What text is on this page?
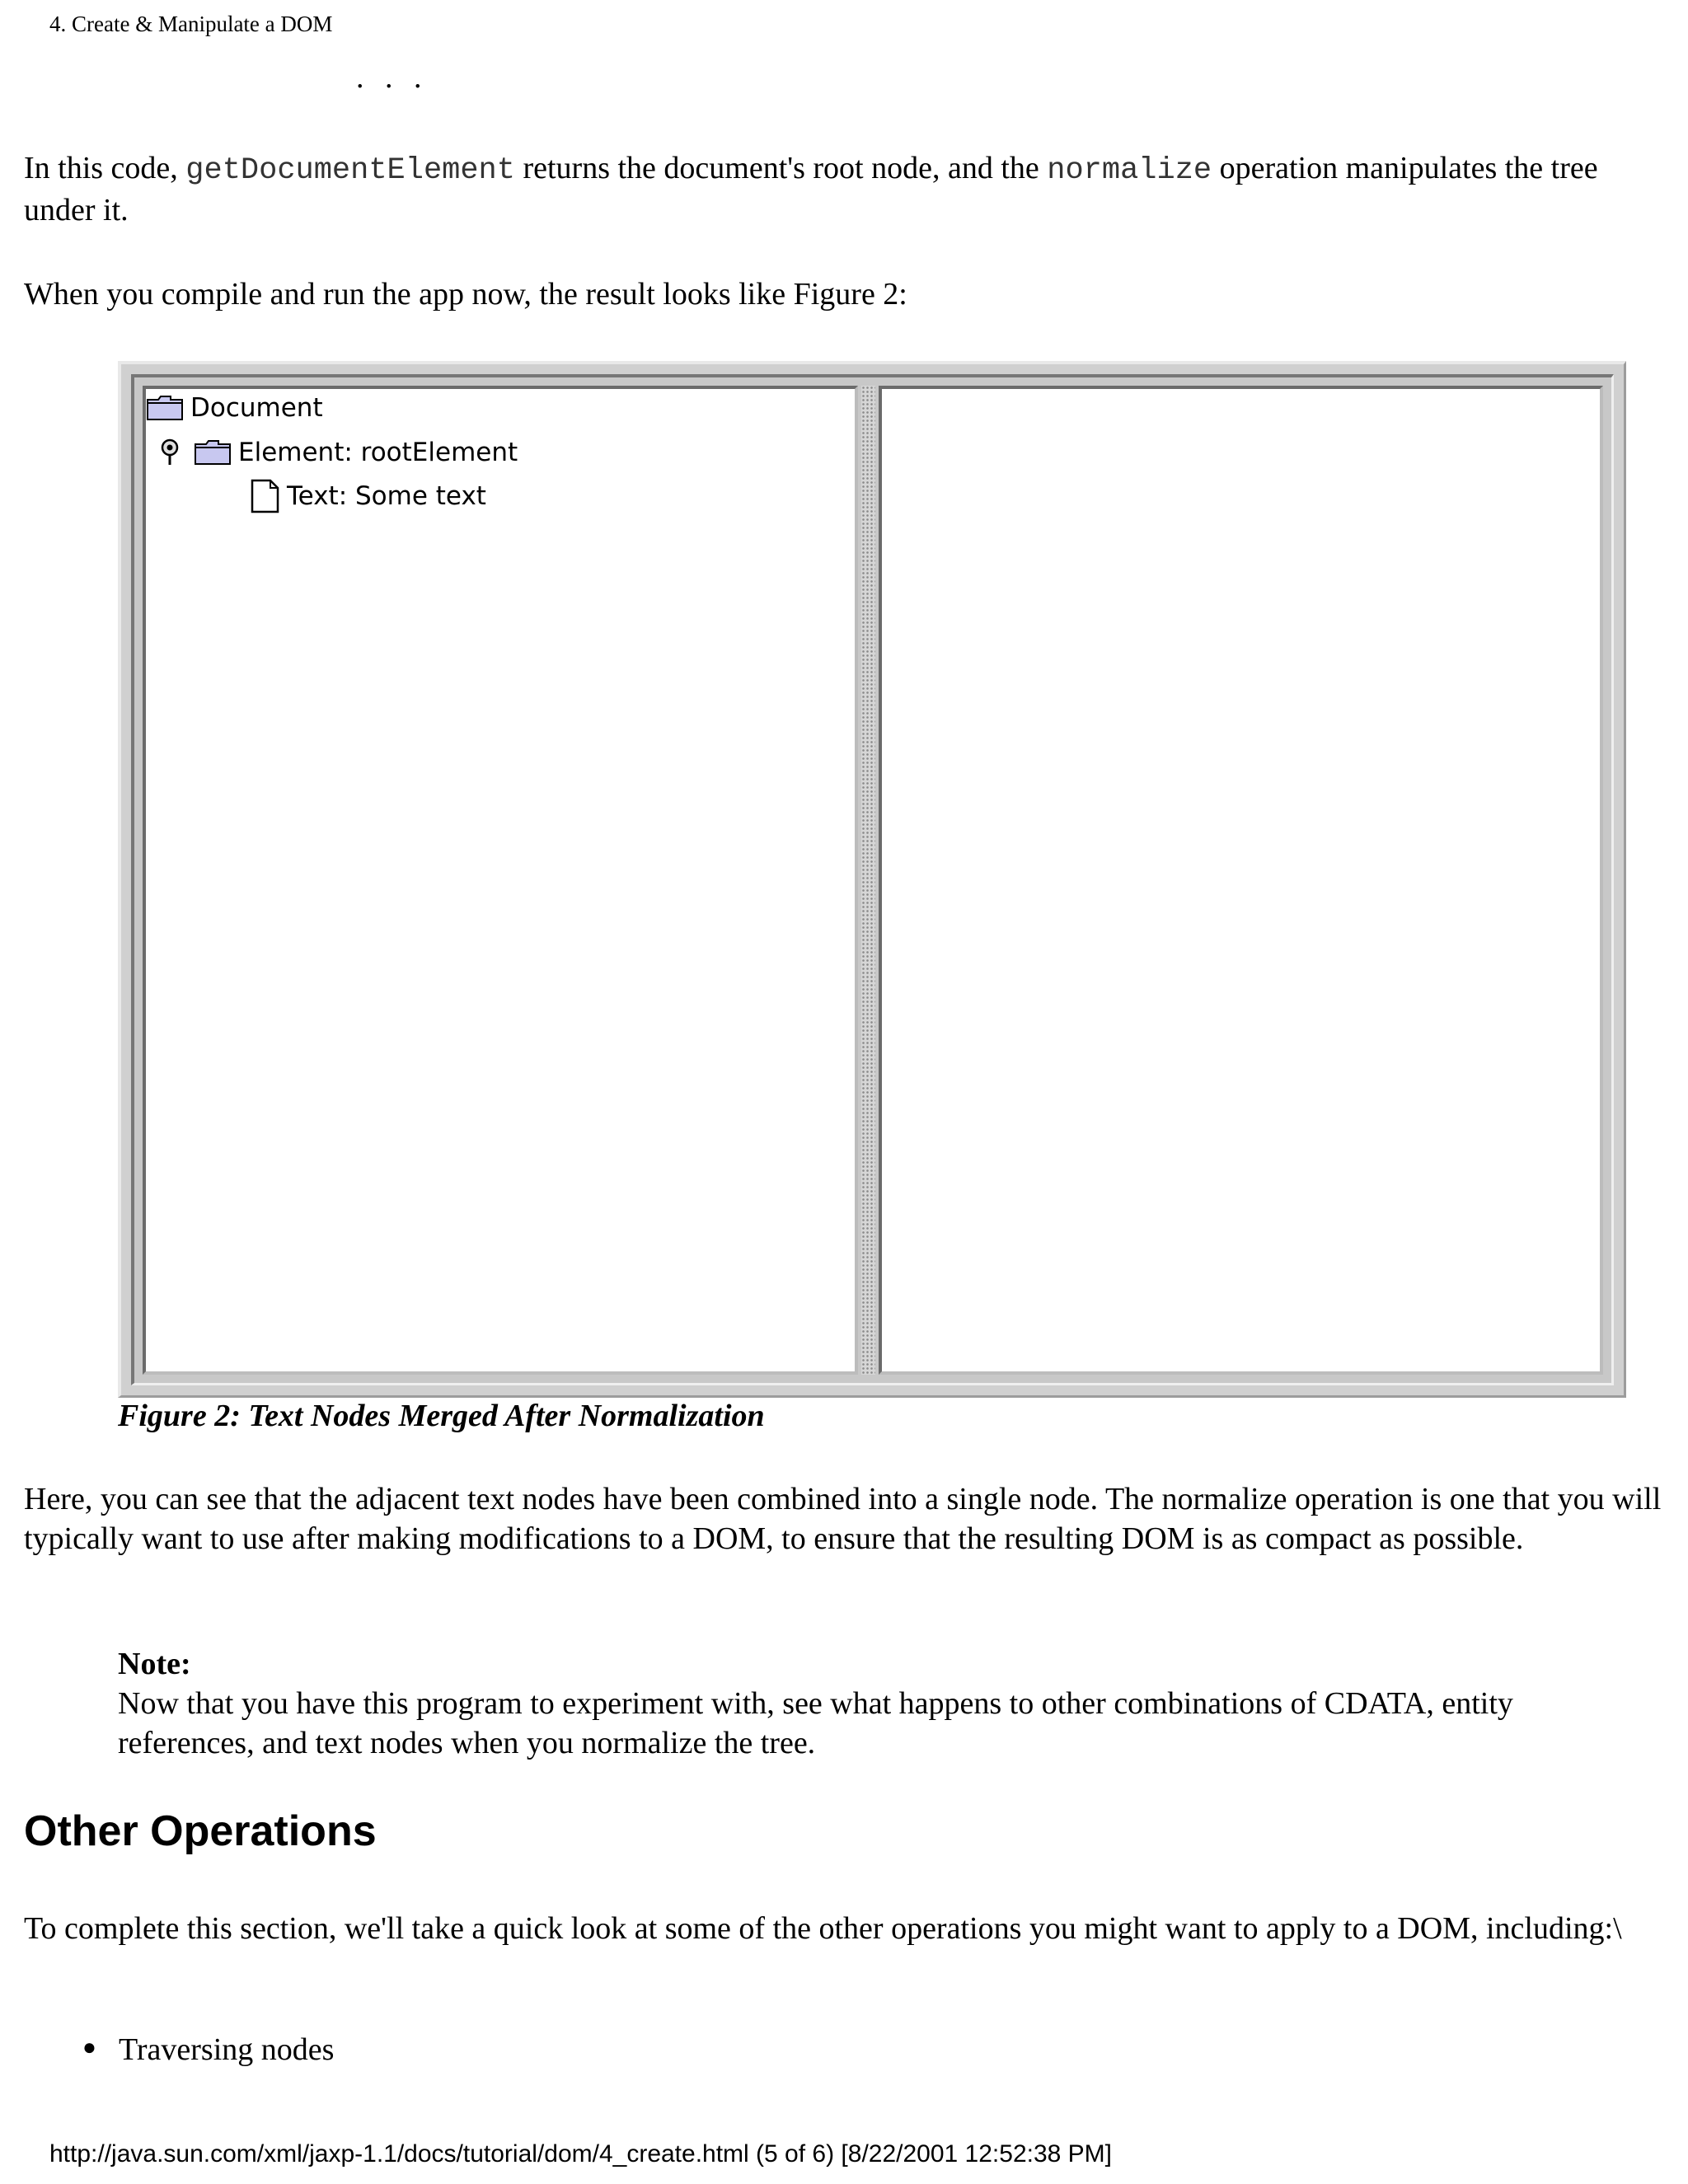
4. Create & Manipulate a DOM
. . .

In this code, getDocumentElement returns the document's root node, and the normalize operation manipulates the tree under it.

When you compile and run the app now, the result looks like Figure 2:

Document
Element: rootElement
Text: Some text
Figure 2: Text Nodes Merged After Normalization

Here, you can see that the adjacent text nodes have been combined into a single node. The normalize operation is one that you will typically want to use after making modifications to a DOM, to ensure that the resulting DOM is as compact as possible.

Note:
Now that you have this program to experiment with, see what happens to other combinations of CDATA, entity references, and text nodes when you normalize the tree.
Other Operations

To complete this section, we'll take a quick look at some of the other operations you might want to apply to a DOM, including:\

● Traversing nodes
http://java.sun.com/xml/jaxp-1.1/docs/tutorial/dom/4_create.html (5 of 6) [8/22/2001 12:52:38 PM]
